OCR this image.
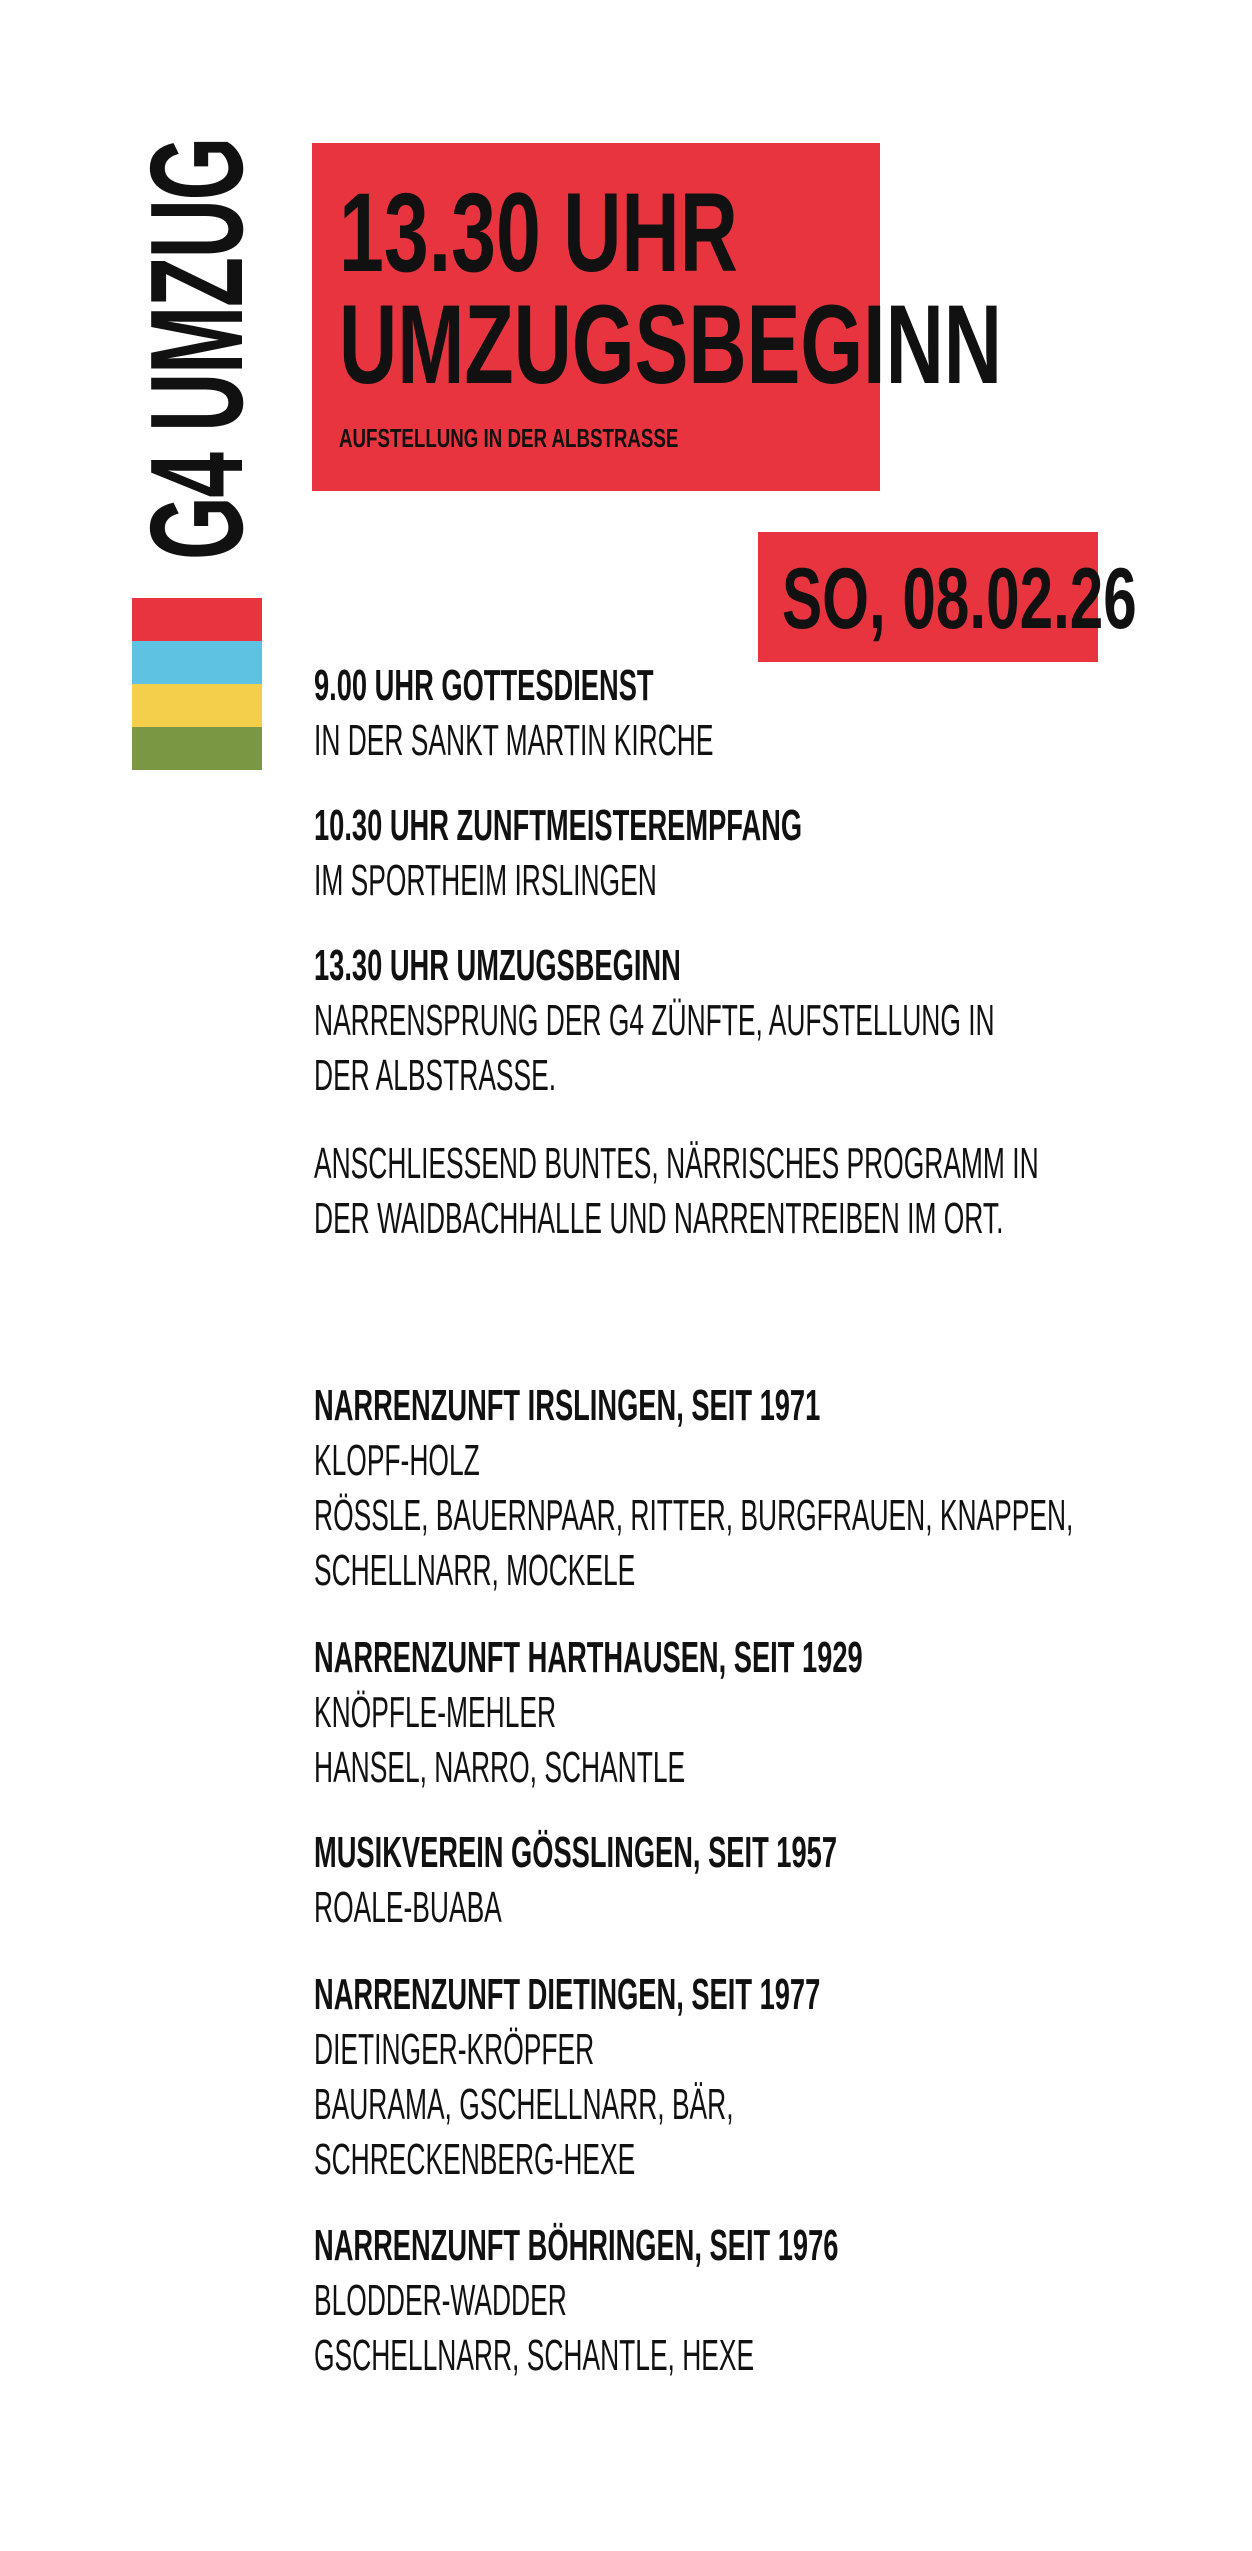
G4 UMZUG 13.30 UHR
UMZUGSBEGINN
AUFSTELLUNG IN DER ALBSTRASSE
SO, 08.02.26
9.00 UHR GOTTESDIENST
IN DER SANKT MARTIN KIRCHE
10.30 UHR ZUNFTMEISTEREMPFANG
IM SPORTHEIM IRSLINGEN
13.30 UHR UMZUGSBEGINN
NARRENSPRUNG DER G4 ZÜNFTE, AUFSTELLUNG IN
DER ALBSTRASSE.
ANSCHLIESSEND BUNTES, NÄRRISCHES PROGRAMM IN
DER WAIDBACHHALLE UND NARRENTREIBEN IM ORT.
NARRENZUNFT IRSLINGEN, SEIT 1971
KLOPF-HOLZ
RÖSSLE, BAUERNPAAR, RITTER, BURGFRAUEN, KNAPPEN,
SCHELLNARR, MOCKELE
NARRENZUNFT HARTHAUSEN, SEIT 1929
KNÖPFLE-MEHLER
HANSEL, NARRO, SCHANTLE
MUSIKVEREIN GÖSSLINGEN, SEIT 1957
ROALE-BUABA
NARRENZUNFT DIETINGEN, SEIT 1977
DIETINGER-KRÖPFER
BAURAMA, GSCHELLNARR, BÄR,
SCHRECKENBERG-HEXE
NARRENZUNFT BÖHRINGEN, SEIT 1976
BLODDER-WADDER
GSCHELLNARR, SCHANTLE, HEXE
